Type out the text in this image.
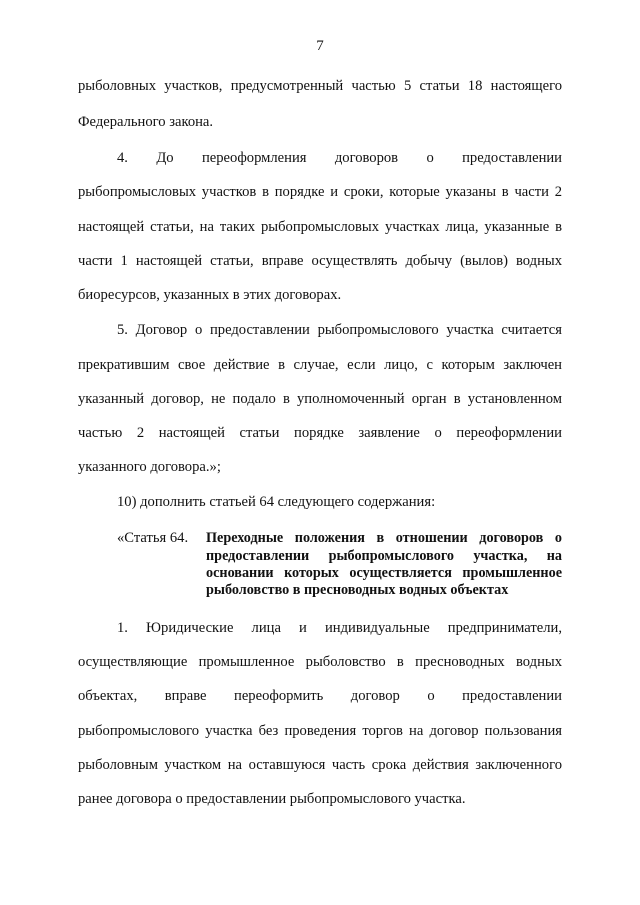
7
рыболовных участков, предусмотренный частью 5 статьи 18 настоящего
Федерального закона.
4. До переоформления договоров о предоставлении
рыбопромысловых участков в порядке и сроки, которые указаны в части 2
настоящей статьи, на таких рыбопромысловых участках лица, указанные в
части 1 настоящей статьи, вправе осуществлять добычу (вылов) водных
биоресурсов, указанных в этих договорах.
5. Договор о предоставлении рыбопромыслового участка считается
прекратившим свое действие в случае, если лицо, с которым заключен
указанный договор, не подало в уполномоченный орган в установленном
частью 2 настоящей статьи порядке заявление о переоформлении
указанного договора.»;
10) дополнить статьей 64 следующего содержания:
«Статья 64. Переходные положения в отношении договоров о
предоставлении рыбопромыслового участка, на
основании которых осуществляется промышленное
рыболовство в пресноводных водных объектах
1. Юридические лица и индивидуальные предприниматели,
осуществляющие промышленное рыболовство в пресноводных водных
объектах, вправе переоформить договор о предоставлении
рыбопромыслового участка без проведения торгов на договор пользования
рыболовным участком на оставшуюся часть срока действия заключенного
ранее договора о предоставлении рыбопромыслового участка.
